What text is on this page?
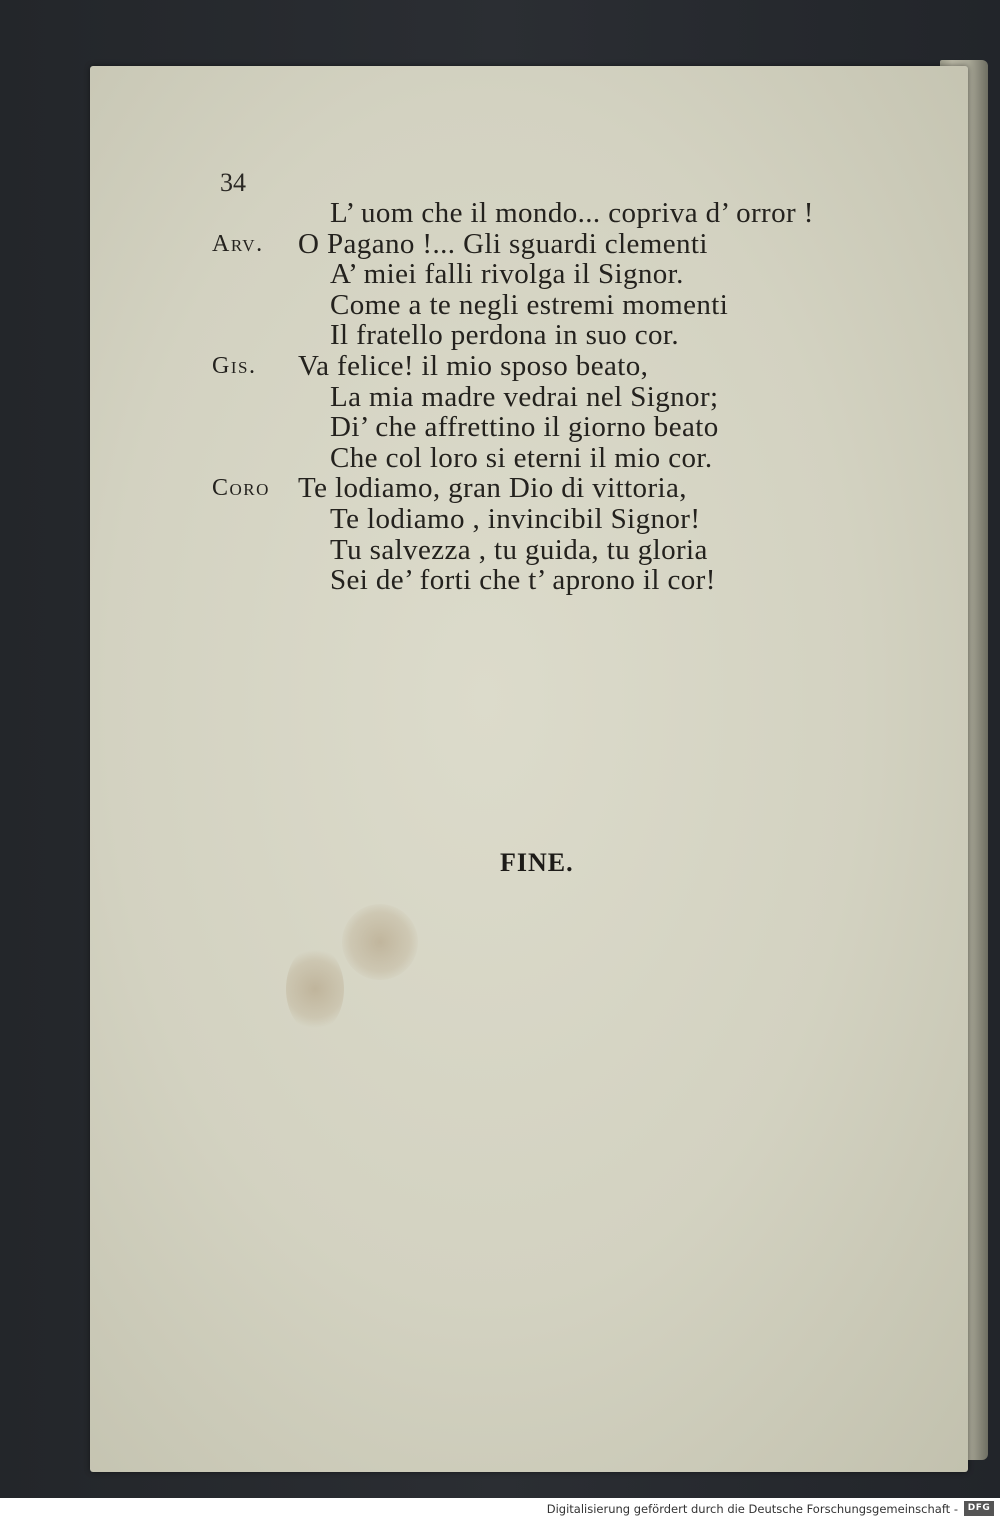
34
L’ uom che il mondo... copriva d’ orror !
Arv. O Pagano !... Gli sguardi clementi
A’ miei falli rivolga il Signor.
Come a te negli estremi momenti
Il fratello perdona in suo cor.
Gis. Va felice! il mio sposo beato,
La mia madre vedrai nel Signor;
Di’ che affrettino il giorno beato
Che col loro si eterni il mio cor.
Coro Te lodiamo, gran Dio di vittoria,
Te lodiamo , invincibil Signor!
Tu salvezza , tu guida, tu gloria
Sei de’ forti che t’ aprono il cor!
FINE.
Digitalisierung gefördert durch die Deutsche Forschungsgemeinschaft -	DFG
